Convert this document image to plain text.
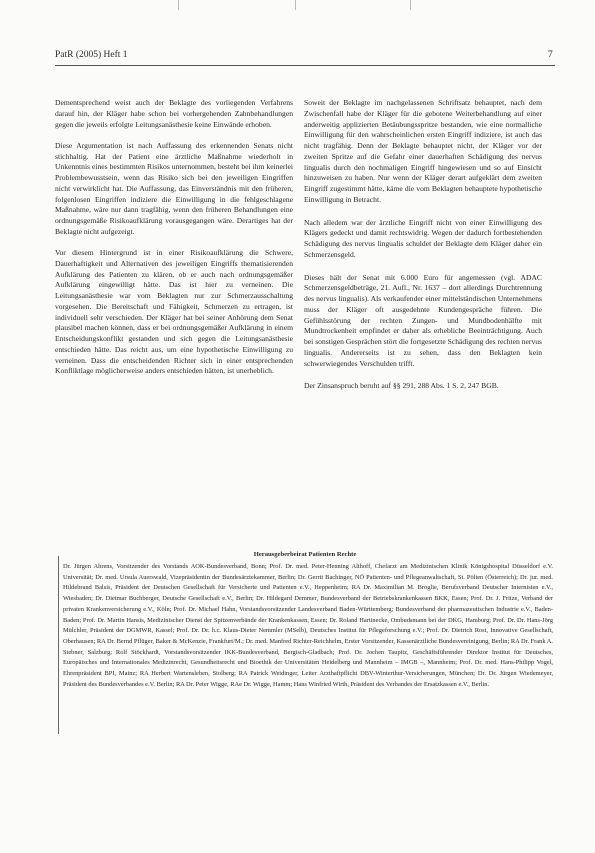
PatR (2005) Heft 1	7

Dementsprechend weist auch der Beklagte des vorliegenden Verfahrens darauf hin, der Kläger habe schon bei vorhergehenden Zahnbehandlungen gegen die jeweils erfolgte Leitungsanästhesie keine Einwände erhoben.

Diese Argumentation ist nach Auffassung des erkennenden Senats nicht stichhaltig. Hat der Patient eine ärztliche Maßnahme wiederholt in Unkenntnis eines bestimmten Risikos unternommen, besteht bei ihm keinerlei Problembewusstsein, wenn das Risiko sich bei den jeweiligen Eingriffen nicht verwirklicht hat. Die Auffassung, das Einverständnis mit den früheren, folgenlosen Eingriffen indiziere die Einwilligung in die fehlgeschlagene Maßnahme, wäre nur dann tragfähig, wenn den früheren Behandlungen eine ordnungsgemäße Risikoaufklärung vorausgegangen wäre. Derartiges hat der Beklagte nicht aufgezeigt.

Vor diesem Hintergrund ist in einer Risikoaufklärung die Schwere, Dauerhaftigkeit und Alternativen des jeweiligen Eingriffs thematisierenden Aufklärung des Patienten zu klären, ob er auch nach ordnungsgemäßer Aufklärung eingewilligt hätte. Das ist hier zu verneinen. Die Leitungsanästhesie war vom Beklagten nur zur Schmerzausschaltung vorgesehen. Die Bereitschaft und Fähigkeit, Schmerzen zu ertragen, ist individuell sehr verschieden. Der Kläger hat bei seiner Anhörung dem Senat plausibel machen können, dass er bei ordnungsgemäßer Aufklärung in einem Entscheidungskonflikt gestanden und sich gegen die Leitungsanästhesie entschieden hätte. Das reicht aus, um eine hypothetische Einwilligung zu verneinen. Dass die entscheidenden Richter sich in einer entsprechenden Konfliktlage möglicherweise anders entschieden hätten, ist unerheblich.

Soweit der Beklagte im nachgelassenen Schriftsatz behauptet, nach dem Zwischenfall habe der Kläger für die gebotene Weiterbehandlung auf einer anderweitig applizierten Betäubungsspritze bestanden, wie eine normalliche Einwilligung für den wahrscheinlichen ersten Eingriff indiziere, ist auch das nicht tragfähig. Denn der Beklagte behauptet nicht, der Kläger vor der zweiten Spritze auf die Gefahr einer dauerhaften Schädigung des nervus lingualis durch den nochmaligen Eingriff hingewiesen und so auf Einsicht hinzuweisen zu haben. Nur wenn der Kläger derart aufgeklärt dem zweiten Eingriff zugestimmt hätte, käme die vom Beklagten behauptete hypothetische Einwilligung in Betracht.

Nach alledem war der ärztliche Eingriff nicht von einer Einwilligung des Klägers gedeckt und damit rechtswidrig. Wegen der dadurch fortbestehenden Schädigung des nervus lingualis schuldet der Beklagte dem Kläger daher ein Schmerzensgeld.

Dieses hält der Senat mit 6.000 Euro für angemessen (vgl. ADAC Schmerzensgeldbeträge, 21. Aufl., Nr. 1637 – dort allerdings Durchtrennung des nervus lingualis). Als verkaufender einer mittelständischen Unternehmens muss der Kläger oft ausgedehnte Kundengespräche führen. Die Gefühlsstörung der rechten Zungen- und Mundbodenhälfte mit Mundtrockenheit empfindet er daher als erhebliche Beeinträchtigung. Auch bei sonstigen Gesprächen stört die fortgesetzte Schädigung des rechten nervus lingualis. Andererseits ist zu sehen, dass den Beklagten kein schwerwiegendes Verschulden trifft.

Der Zinsanspruch beruht auf §§ 291, 288 Abs. 1 S. 2, 247 BGB.

Herausgeberbeirat Patienten Rechte
Dr. Jürgen Ahrens, Vorsitzender des Vorstands AOK-Bundesverband, Bonn; Prof. Dr. med. Peter-Henning Althoff, Chefarzt am Medizinischen Klinik Königshospital Düsseldorf e.V. Universität; Dr. med. Ursula Auerswald, Vizepräsidentin der Bundesärztekammer, Berlin; Dr. Gerrit Bachinger, NÖ Patienten- und Pflegeanwaltschaft, St. Pölten (Österreich); Dr. jur. med. Hildebrand Balsis, Präsident der Deutschen Gesellschaft für Versicherte und Patienten e.V., Heppenheim; RA Dr. Maximilian M. Broglie, Berufsverband Deutscher Internisten e.V., Wiesbaden; Dr. Dietmar Buchberger, Deutsche Gesellschaft e.V., Berlin; Dr. Hildegard Demmer, Bundesverband der Betriebskrankenkassen BKK, Essen; Prof. Dr. J. Fritze, Verband der privaten Krankenversicherung e.V., Köln; Prof. Dr. Michael Hahn, Vorstandsvorsitzender Landesverband Baden-Württemberg; Bundesverband der pharmazeutischen Industrie e.V., Baden-Baden; Prof. Dr. Martin Hansis, Medizinischer Dienst der Spitzenverbände der Krankenkassen, Essen; Dr. Roland Hartinecke, Ombudsmann bei der DKG, Hamburg; Prof. Dr. Dr. Hans-Jörg Mülchler, Präsident der DGMWR, Kassel; Prof. Dr. Dr. h.c. Klaus-Dieter Nemmler (MSelb), Deutsches Institut für Pflegeforschung e.V.; Prof. Dr. Dietrich Rost, Innovative Gesellschaft, Oberhausen; RA Dr. Bernd Pflüger, Baker & McKenzie, Frankfurt/M.; Dr. med. Manfred Richter-Reichhelm, Erster Vorsitzender, Kassenärztliche Bundesvereinigung, Berlin; RA Dr. Frank A. Stebner, Salzburg; Rolf Stöckhardt, Vorstandsvorsitzender IKK-Bundesverband, Bergisch-Gladbach; Prof. Dr. Jochen Taupitz, Geschäftsführender Direktor Institut für Deutsches, Europäisches und Internationales Medizinrecht, Gesundheitsrecht und Bioethik der Universitäten Heidelberg und Mannheim – IMGB –, Mannheim; Prof. Dr. med. Hans-Philipp Vogel, Ehrenpräsident BPI, Mainz; RA Herbert Wartensleben, Stolberg; RA Patrick Weidinger, Leiter Arzthaftpflicht DBV-Winterthur-Versicherungen, München; Dr. Dr. Jürgen Wiedemeyer, Präsident des Bundesverbandes e.V. Berlin; RA Dr. Peter Wigge, RAe Dr. Wigge, Hamm; Hans Winfried Wirth, Präsident des Verbandes der Ersatzkassen e.V., Berlin.
